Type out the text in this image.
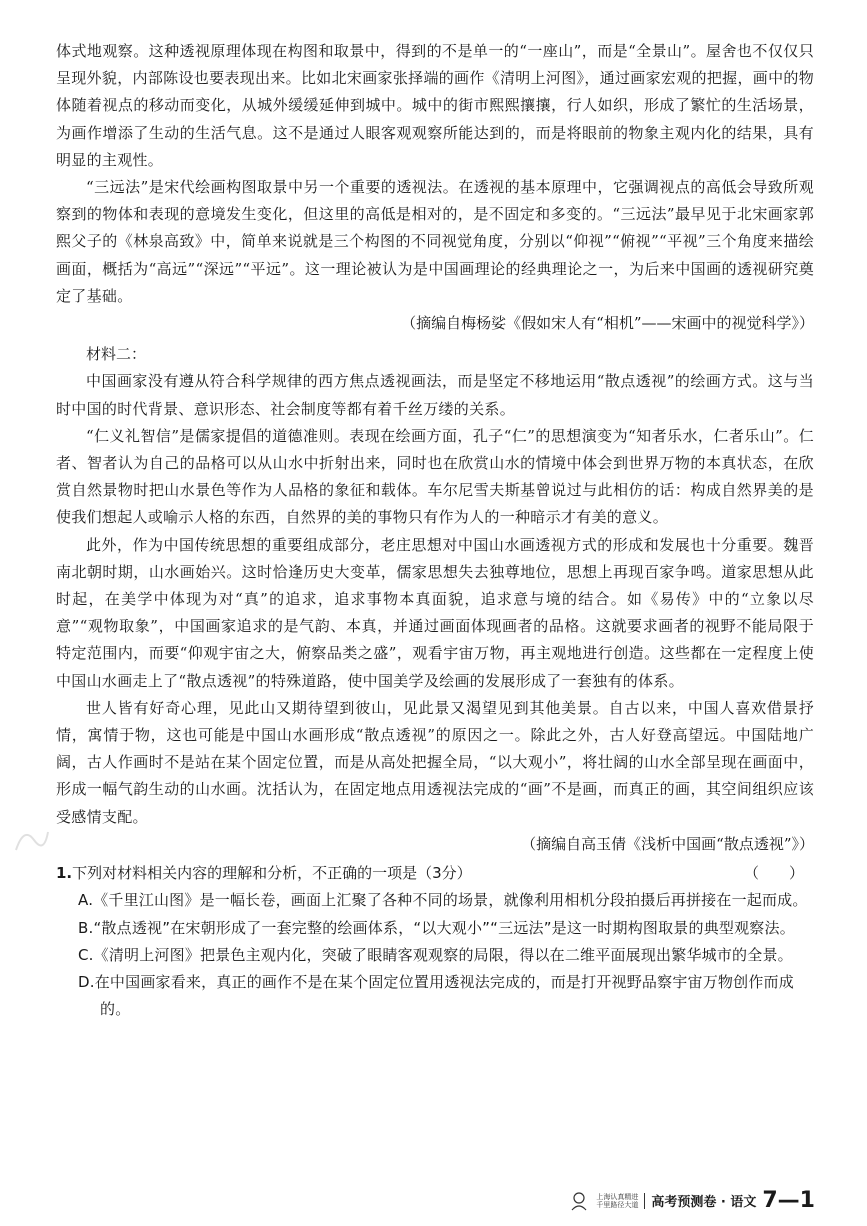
体式地观察。这种透视原理体现在构图和取景中，得到的不是单一的“一座山”，而是“全景山”。屋舍也不仅仅只呈现外貌，内部陈设也要表现出来。比如北宋画家张择端的画作《清明上河图》，通过画家宏观的把握，画中的物体随着视点的移动而变化，从城外缓缓延伸到城中。城中的街市熙熙攘攘，行人如织，形成了繁忙的生活场景，为画作增添了生动的生活气息。这不是通过人眼客观观察所能达到的，而是将眼前的物象主观内化的结果，具有明显的主观性。

“三远法”是宋代绘画构图取景中另一个重要的透视法。在透视的基本原理中，它强调视点的高低会导致所观察到的物体和表现的意境发生变化，但这里的高低是相对的，是不固定和多变的。“三远法”最早见于北宋画家郭熙父子的《林泉高致》中，简单来说就是三个构图的不同视觉角度，分别以“仰视”“俯视”“平视”三个角度来描绘画面，概括为“高远”“深远”“平远”。这一理论被认为是中国画理论的经典理论之一，为后来中国画的透视研究奠定了基础。

（摘编自梅杨娑《假如宋人有“相机”——宋画中的视觉科学》）

材料二：

中国画家没有遵从符合科学规律的西方焦点透视画法，而是坚定不移地运用“散点透视”的绘画方式。这与当时中国的时代背景、意识形态、社会制度等都有着千丝万缕的关系。

“仁义礼智信”是儒家提倡的道德准则。表现在绘画方面，孔子“仁”的思想演变为“知者乐水，仁者乐山”。仁者、智者认为自己的品格可以从山水中折射出来，同时也在欣赏山水的情境中体会到世界万物的本真状态，在欣赏自然景物时把山水景色等作为人品格的象征和载体。车尔尼雪夫斯基曾说过与此相仿的话：构成自然界美的是使我们想起人或喻示人格的东西，自然界的美的事物只有作为人的一种暗示才有美的意义。

此外，作为中国传统思想的重要组成部分，老庄思想对中国山水画透视方式的形成和发展也十分重要。魏晋南北朝时期，山水画始兴。这时恰逢历史大变革，儒家思想失去独尊地位，思想上再现百家争鸣。道家思想从此时起，在美学中体现为对“真”的追求，追求事物本真面貌，追求意与境的结合。如《易传》中的“立象以尽意”“观物取象”，中国画家追求的是气韵、本真，并通过画面体现画者的品格。这就要求画者的视野不能局限于特定范围内，而要“仰观宇宙之大，俯察品类之盛”，观看宇宙万物，再主观地进行创造。这些都在一定程度上使中国山水画走上了“散点透视”的特殊道路，使中国美学及绘画的发展形成了一套独有的体系。

世人皆有好奇心理，见此山又期待望到彼山，见此景又渴望见到其他美景。自古以来，中国人喜欢借景抒情，寓情于物，这也可能是中国山水画形成“散点透视”的原因之一。除此之外，古人好登高望远。中国陆地广阔，古人作画时不是站在某个固定位置，而是从高处把握全局，“以大观小”，将壮阔的山水全部呈现在画面中，形成一幅气韵生动的山水画。沈括认为，在固定地点用透视法完成的“画”不是画，而真正的画，其空间组织应该受感情支配。

（摘编自高玉倩《浅析中国画“散点透视”》）

1.下列对材料相关内容的理解和分析，不正确的一项是（3分）	（　　）

A.《千里江山图》是一幅长卷，画面上汇聚了各种不同的场景，就像利用相机分段拍摄后再拼接在一起而成。

B.“散点透视”在宋朝形成了一套完整的绘画体系，“以大观小”“三远法”是这一时期构图取景的典型观察法。

C.《清明上河图》把景色主观内化，突破了眼睛客观观察的局限，得以在二维平面展现出繁华城市的全景。

D.在中国画家看来，真正的画作不是在某个固定位置用透视法完成的，而是打开视野品察宇宙万物创作而成的。

上海认真精进
千里路径大道 高考预测卷 · 语文 7—1
